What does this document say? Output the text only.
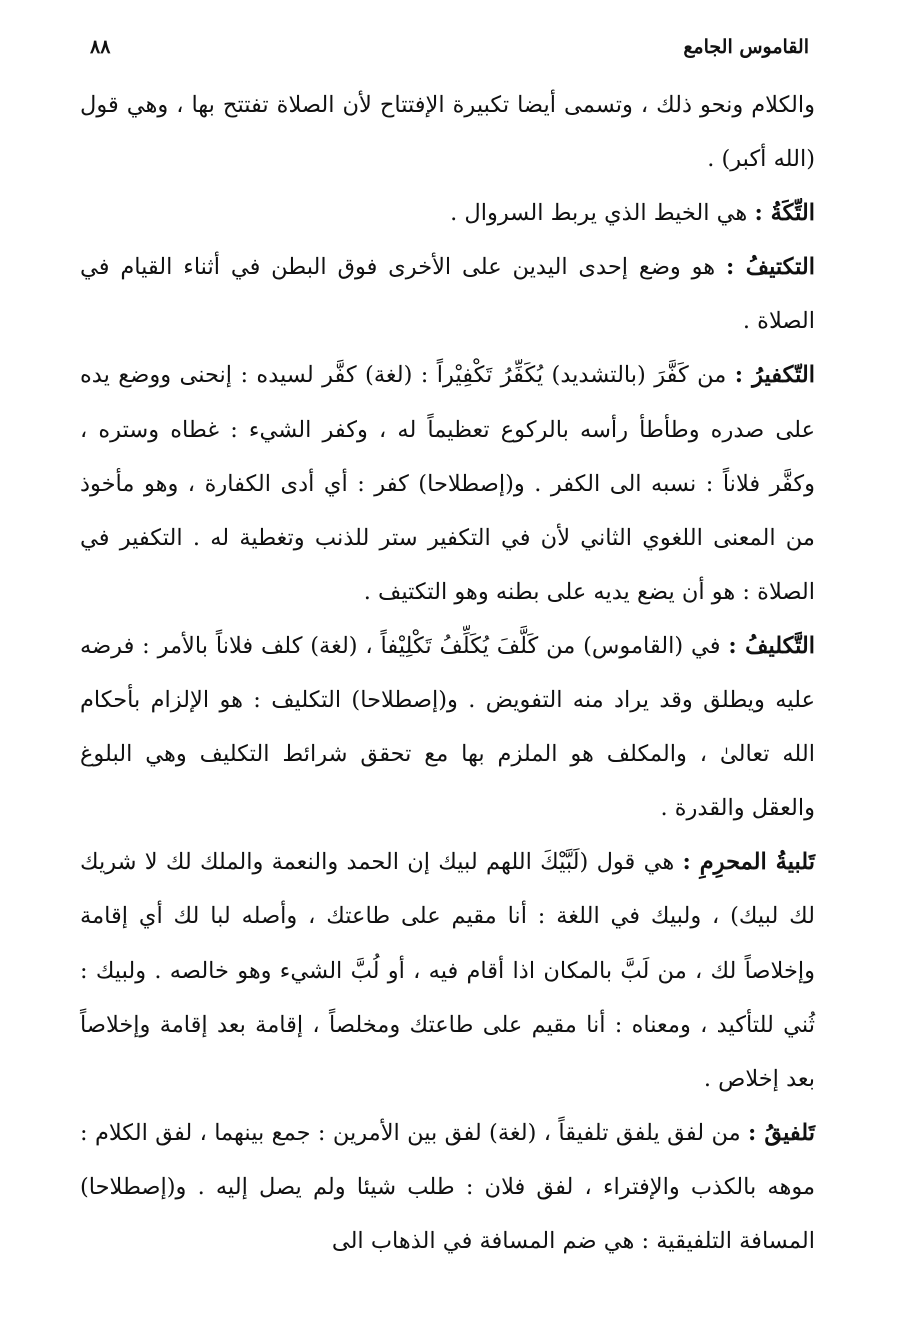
القاموس الجامع
٨٨

والكلام ونحو ذلك ، وتسمى أيضا تكبيرة الإفتتاح لأن الصلاة تفتتح بها ، وهي قول (الله أكبر) .

التِّكَةُ : هي الخيط الذي يربط السروال .

التكتيفُ : هو وضع إحدى اليدين على الأخرى فوق البطن في أثناء القيام في الصلاة .

التّكفيرُ : من كَفَّرَ (بالتشديد) يُكَفِّرُ تَكْفِيْراً : (لغة) كفَّر لسيده : إنحنى ووضع يده على صدره وطأطأ رأسه بالركوع تعظيماً له ، وكفر الشيء : غطاه وستره ، وكفَّر فلاناً : نسبه الى الكفر . و(إصطلاحا) كفر : أي أدى الكفارة ، وهو مأخوذ من المعنى اللغوي الثاني لأن في التكفير ستر للذنب وتغطية له . التكفير في الصلاة : هو أن يضع يديه على بطنه وهو التكتيف .

التَّكليفُ : في (القاموس) من كَلَّفَ يُكَلِّفُ تَكْلِيْفاً ، (لغة) كلف فلاناً بالأمر : فرضه عليه ويطلق وقد يراد منه التفويض . و(إصطلاحا) التكليف : هو الإلزام بأحكام الله تعالىٰ ، والمكلف هو الملزم بها مع تحقق شرائط التكليف وهي البلوغ والعقل والقدرة .

تَلبيةُ المحرِمِ : هي قول (لَبَّيْكَ اللهم لبيك إن الحمد والنعمة والملك لك لا شريك لك لبيك) ، ولبيك في اللغة : أنا مقيم على طاعتك ، وأصله لبا لك أي إقامة وإخلاصاً لك ، من لَبَّ بالمكان اذا أقام فيه ، أو لُبَّ الشيء وهو خالصه . ولبيك : ثُني للتأكيد ، ومعناه : أنا مقيم على طاعتك ومخلصاً ، إقامة بعد إقامة وإخلاصاً بعد إخلاص .

تَلفيقُ : من لفق يلفق تلفيقاً ، (لغة) لفق بين الأمرين : جمع بينهما ، لفق الكلام : موهه بالكذب والإفتراء ، لفق فلان : طلب شيئا ولم يصل إليه . و(إصطلاحا) المسافة التلفيقية : هي ضم المسافة في الذهاب الى
